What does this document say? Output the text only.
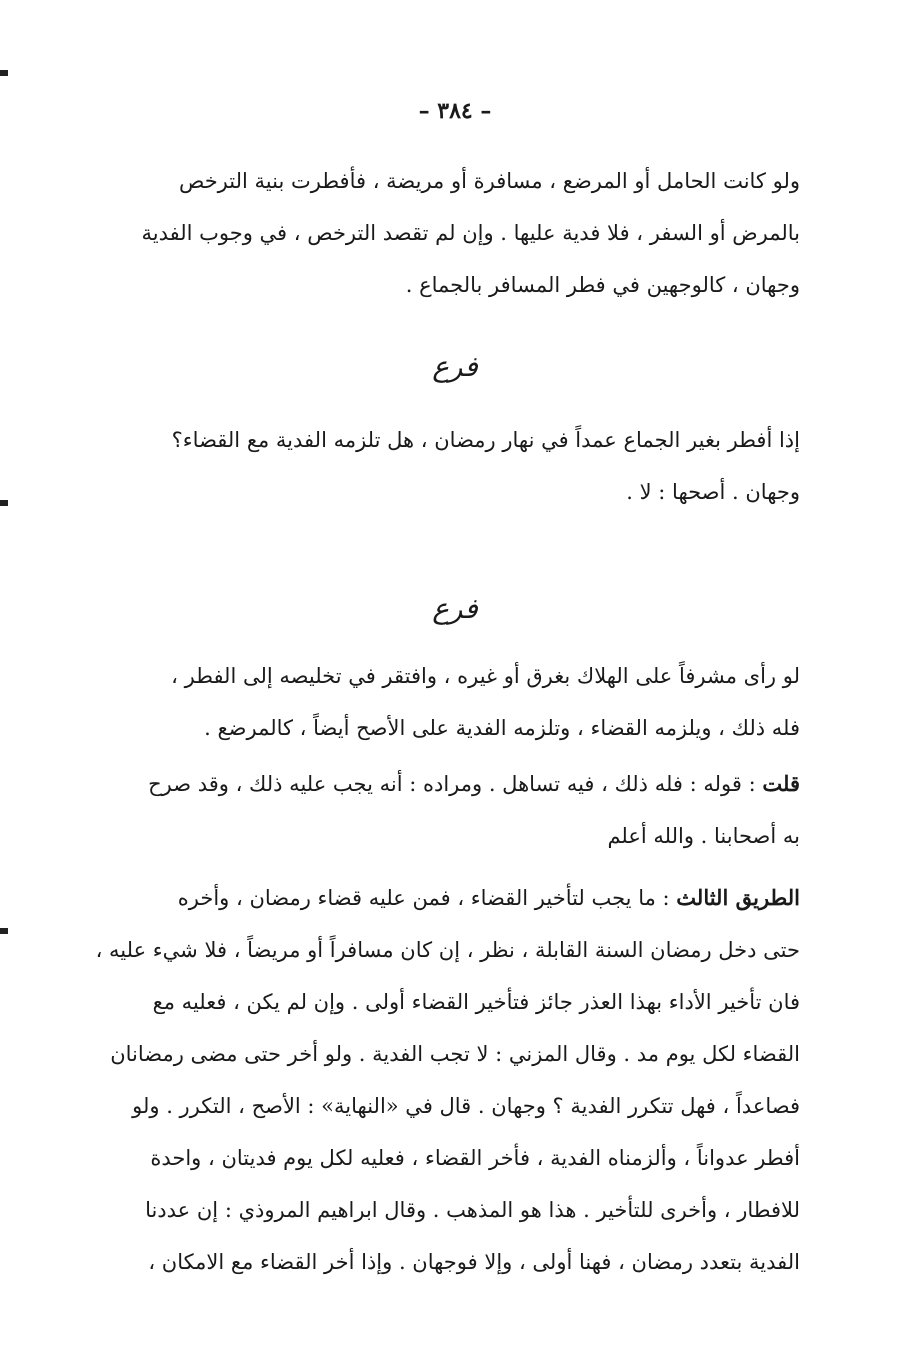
– ٣٨٤ –
ولو كانت الحامل أو المرضع ، مسافرة أو مريضة ، فأفطرت بنية الترخص
بالمرض أو السفر ، فلا فدية عليها . وإن لم تقصد الترخص ، في وجوب الفدية
وجهان ، كالوجهين في فطر المسافر بالجماع .
فرع
إذا أفطر بغير الجماع عمداً في نهار رمضان ، هل تلزمه الفدية مع القضاء؟
وجهان . أصحها : لا .
فرع
لو رأى مشرفاً على الهلاك بغرق أو غيره ، وافتقر في تخليصه إلى الفطر ،
فله ذلك ، ويلزمه القضاء ، وتلزمه الفدية على الأصح أيضاً ، كالمرضع .
قلت : قوله : فله ذلك ، فيه تساهل . ومراده : أنه يجب عليه ذلك ، وقد صرح
به أصحابنا . والله أعلم
الطريق الثالث : ما يجب لتأخير القضاء ، فمن عليه قضاء رمضان ، وأخره
حتى دخل رمضان السنة القابلة ، نظر ، إن كان مسافراً أو مريضاً ، فلا شيء عليه ،
فان تأخير الأداء بهذا العذر جائز فتأخير القضاء أولى . وإن لم يكن ، فعليه مع
القضاء لكل يوم مد . وقال المزني : لا تجب الفدية . ولو أخر حتى مضى رمضانان
فصاعداً ، فهل تتكرر الفدية ؟ وجهان . قال في «النهاية» : الأصح ، التكرر . ولو
أفطر عدواناً ، وألزمناه الفدية ، فأخر القضاء ، فعليه لكل يوم فديتان ، واحدة
للافطار ، وأخرى للتأخير . هذا هو المذهب . وقال ابراهيم المروذي : إن عددنا
الفدية بتعدد رمضان ، فهنا أولى ، وإلا فوجهان . وإذا أخر القضاء مع الامكان ،
